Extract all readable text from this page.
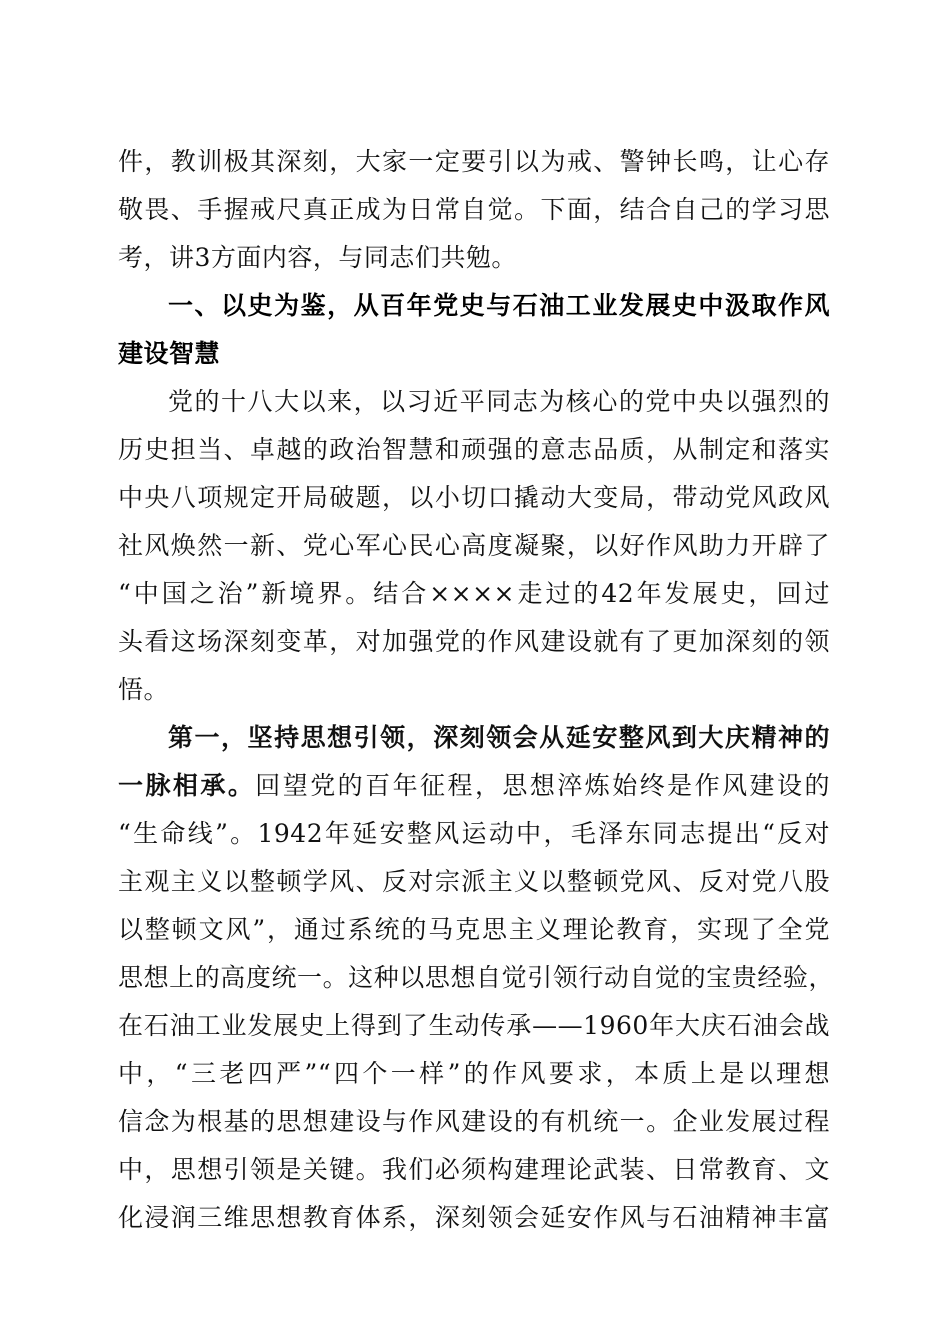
件，教训极其深刻，大家一定要引以为戒、警钟长鸣，让心存
敬畏、手握戒尺真正成为日常自觉。下面，结合自己的学习思
考，讲3方面内容，与同志们共勉。
一、以史为鉴，从百年党史与石油工业发展史中汲取作风
建设智慧
党的十八大以来，以习近平同志为核心的党中央以强烈的
历史担当、卓越的政治智慧和顽强的意志品质，从制定和落实
中央八项规定开局破题，以小切口撬动大变局，带动党风政风
社风焕然一新、党心军心民心高度凝聚，以好作风助力开辟了
“中国之治”新境界。结合××××走过的42年发展史，回过
头看这场深刻变革，对加强党的作风建设就有了更加深刻的领
悟。
第一，坚持思想引领，深刻领会从延安整风到大庆精神的
一脉相承。回望党的百年征程，思想淬炼始终是作风建设的
“生命线”。1942年延安整风运动中，毛泽东同志提出“反对
主观主义以整顿学风、反对宗派主义以整顿党风、反对党八股
以整顿文风”，通过系统的马克思主义理论教育，实现了全党
思想上的高度统一。这种以思想自觉引领行动自觉的宝贵经验，
在石油工业发展史上得到了生动传承——1960年大庆石油会战
中，“三老四严”“四个一样”的作风要求，本质上是以理想
信念为根基的思想建设与作风建设的有机统一。企业发展过程
中，思想引领是关键。我们必须构建理论武装、日常教育、文
化浸润三维思想教育体系，深刻领会延安作风与石油精神丰富
